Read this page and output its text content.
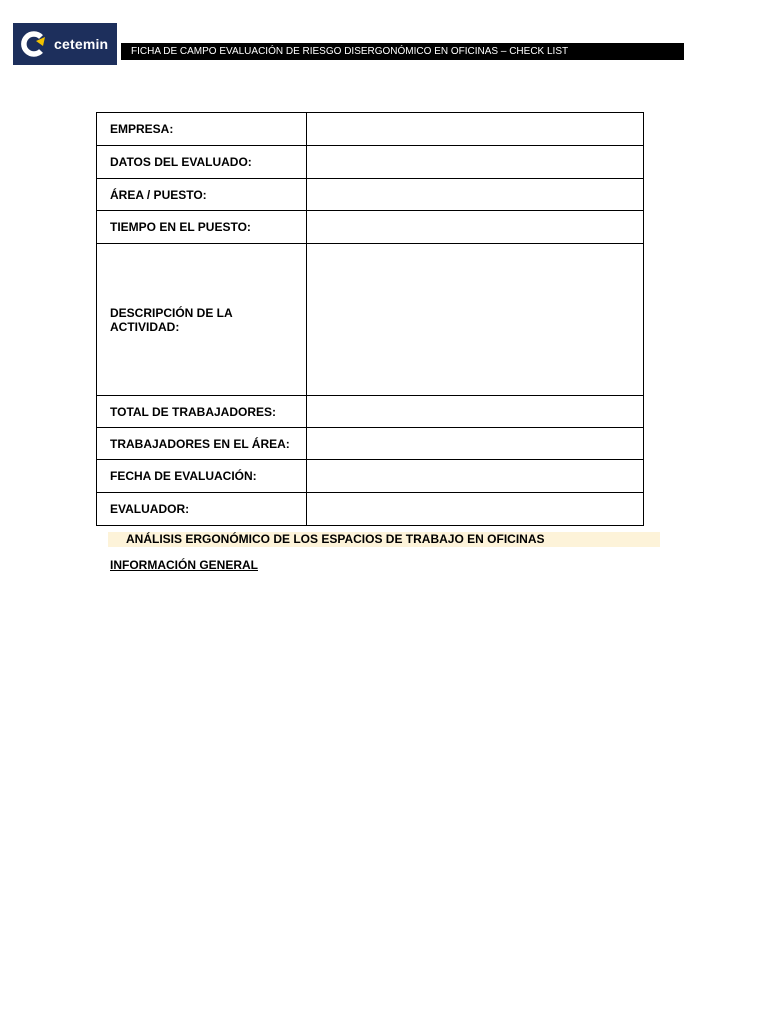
cetemin	FICHA DE CAMPO EVALUACIÓN DE RIESGO DISERGONÓMICO EN OFICINAS – CHECK LIST
EMPRESA:	
DATOS DEL EVALUADO:	
ÁREA / PUESTO:	
TIEMPO EN EL PUESTO:	
DESCRIPCIÓN DE LA ACTIVIDAD:	
TOTAL DE TRABAJADORES:	
TRABAJADORES EN EL ÁREA:	
FECHA DE EVALUACIÓN:	
EVALUADOR:	
ANÁLISIS ERGONÓMICO DE LOS ESPACIOS DE TRABAJO EN OFICINAS
INFORMACIÓN GENERAL
